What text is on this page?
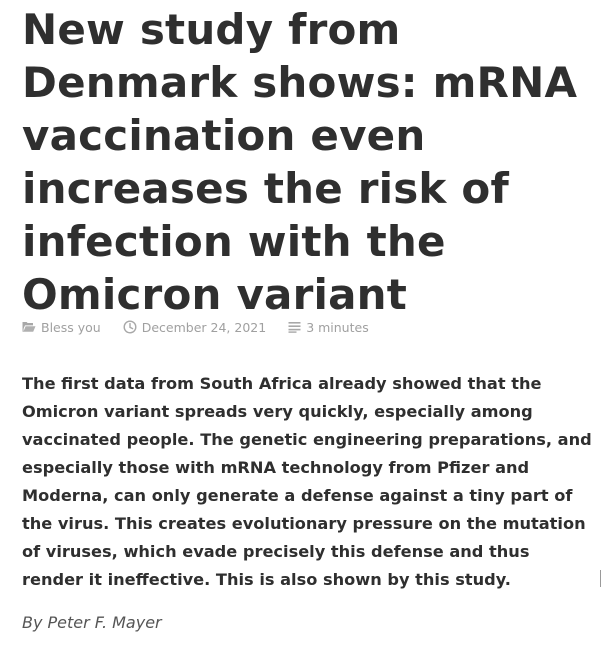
New study from Denmark shows: mRNA vaccination even increases the risk of infection with the Omicron variant
Bless you	December 24, 2021	3 minutes

The first data from South Africa already showed that the Omicron variant spreads very quickly, especially among vaccinated people. The genetic engineering preparations, and especially those with mRNA technology from Pfizer and Moderna, can only generate a defense against a tiny part of the virus. This creates evolutionary pressure on the mutation of viruses, which evade precisely this defense and thus render it ineffective. This is also shown by this study.

By Peter F. Mayer
